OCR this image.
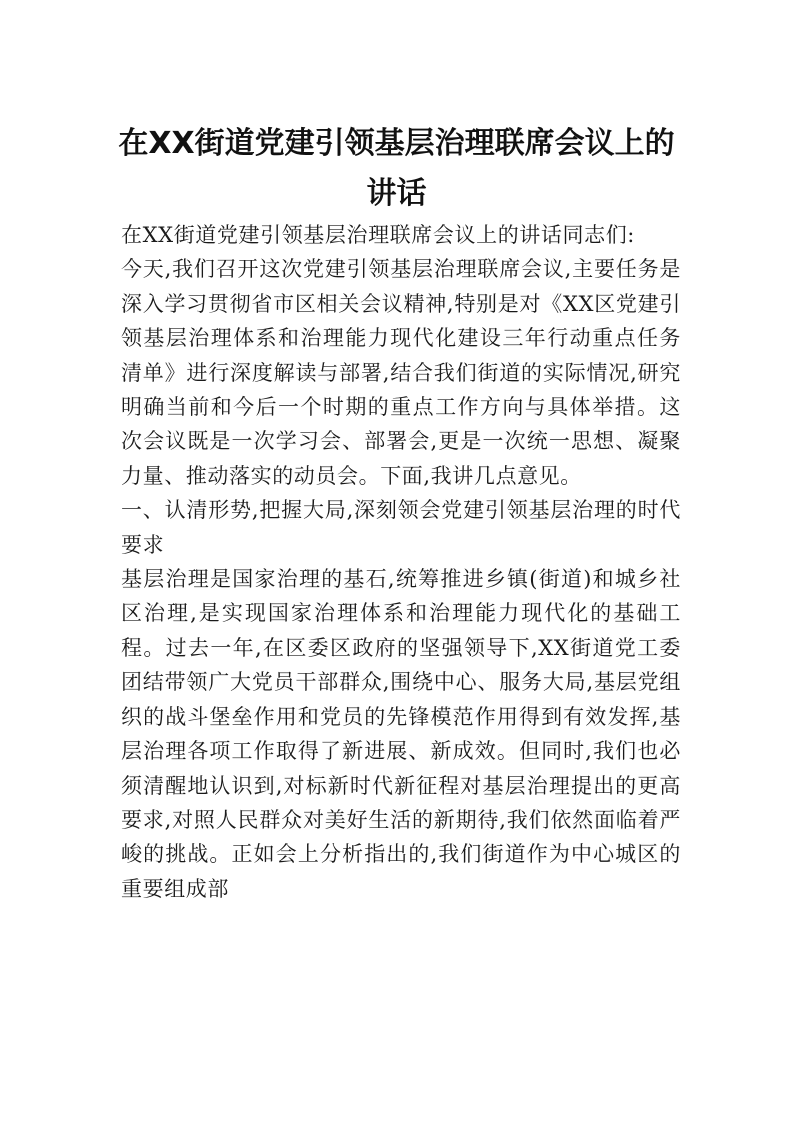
在XX街道党建引领基层治理联席会议上的
讲话

在XX街道党建引领基层治理联席会议上的讲话同志们:

今天,我们召开这次党建引领基层治理联席会议,主要任务是深入学习贯彻省市区相关会议精神,特别是对《XX区党建引领基层治理体系和治理能力现代化建设三年行动重点任务清单》进行深度解读与部署,结合我们街道的实际情况,研究明确当前和今后一个时期的重点工作方向与具体举措。这次会议既是一次学习会、部署会,更是一次统一思想、凝聚力量、推动落实的动员会。下面,我讲几点意见。

一、认清形势,把握大局,深刻领会党建引领基层治理的时代要求

基层治理是国家治理的基石,统筹推进乡镇(街道)和城乡社区治理,是实现国家治理体系和治理能力现代化的基础工程。过去一年,在区委区政府的坚强领导下,XX街道党工委团结带领广大党员干部群众,围绕中心、服务大局,基层党组织的战斗堡垒作用和党员的先锋模范作用得到有效发挥,基层治理各项工作取得了新进展、新成效。但同时,我们也必须清醒地认识到,对标新时代新征程对基层治理提出的更高要求,对照人民群众对美好生活的新期待,我们依然面临着严峻的挑战。正如会上分析指出的,我们街道作为中心城区的重要组成部
